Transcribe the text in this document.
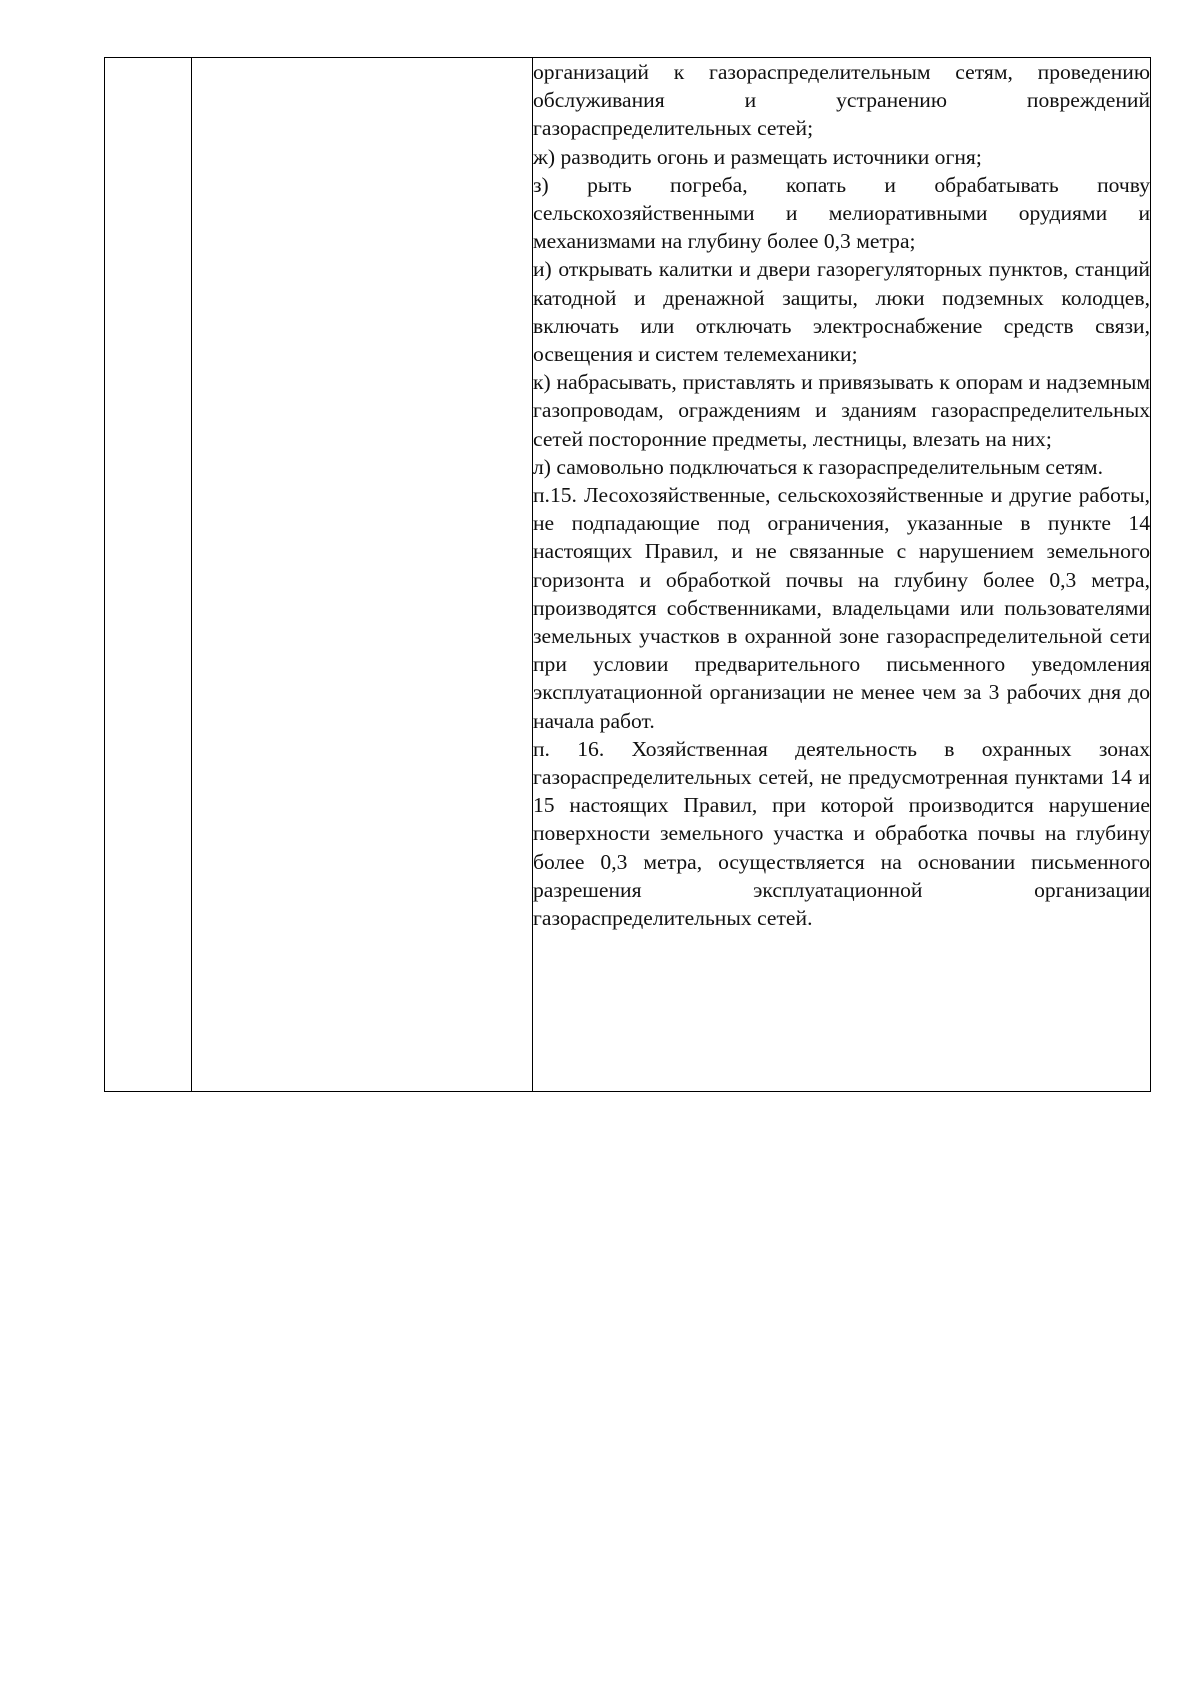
организаций к газораспределительным сетям, проведению обслуживания и устранению повреждений газораспределительных сетей;

ж) разводить огонь и размещать источники огня;

з) рыть погреба, копать и обрабатывать почву сельскохозяйственными и мелиоративными орудиями и механизмами на глубину более 0,3 метра;

и) открывать калитки и двери газорегуляторных пунктов, станций катодной и дренажной защиты, люки подземных колодцев, включать или отключать электроснабжение средств связи, освещения и систем телемеханики;

к) набрасывать, приставлять и привязывать к опорам и надземным газопроводам, ограждениям и зданиям газораспределительных сетей посторонние предметы, лестницы, влезать на них;

л) самовольно подключаться к газораспределительным сетям.

п.15. Лесохозяйственные, сельскохозяйственные и другие работы, не подпадающие под ограничения, указанные в пункте 14 настоящих Правил, и не связанные с нарушением земельного горизонта и обработкой почвы на глубину более 0,3 метра, производятся собственниками, владельцами или пользователями земельных участков в охранной зоне газораспределительной сети при условии предварительного письменного уведомления эксплуатационной организации не менее чем за 3 рабочих дня до начала работ.

п. 16. Хозяйственная деятельность в охранных зонах газораспределительных сетей, не предусмотренная пунктами 14 и 15 настоящих Правил, при которой производится нарушение поверхности земельного участка и обработка почвы на глубину более 0,3 метра, осуществляется на основании письменного разрешения эксплуатационной организации газораспределительных сетей.
